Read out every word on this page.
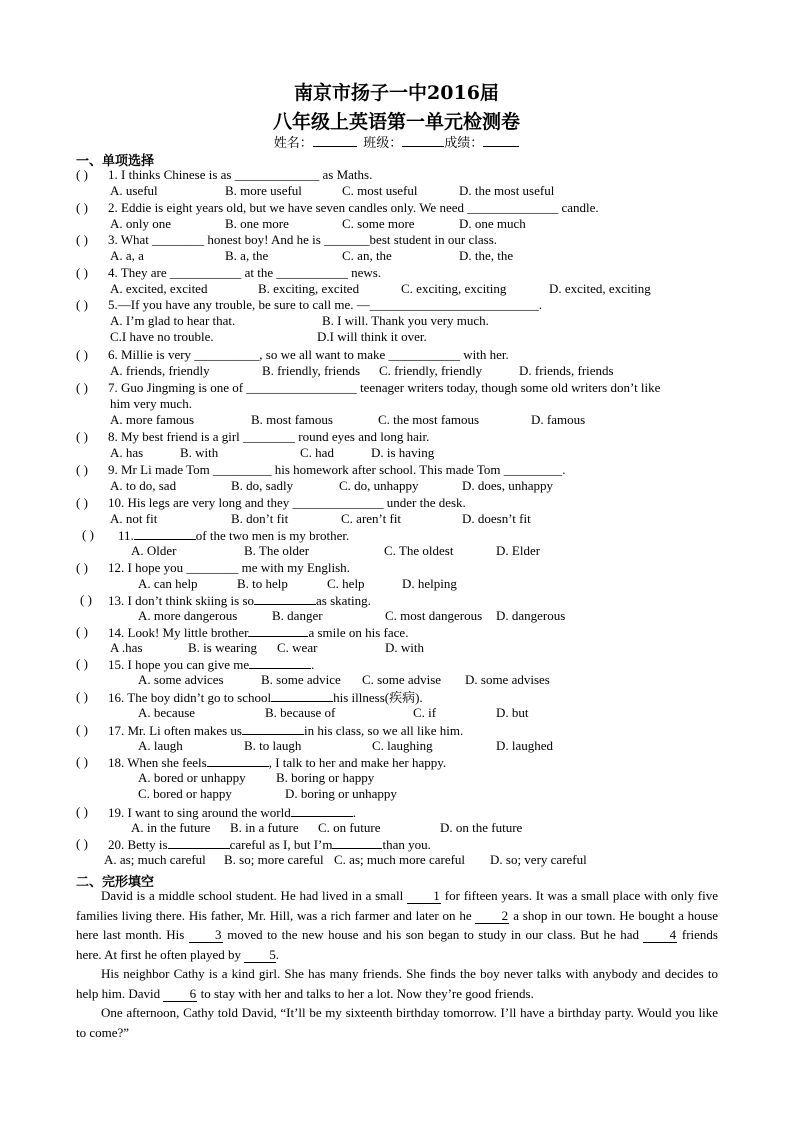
南京市扬子一中2016届
八年级上英语第一单元检测卷
姓名：	班级：	成绩：
一、单项选择
( ) 1. I thinks Chinese is as _____________ as Maths.
A. useful	B. more useful	C. most useful	D. the most useful
( ) 2. Eddie is eight years old, but we have seven candles only. We need ______________ candle.
A. only one	B. one more	C. some more	D. one much
( ) 3. What ________ honest boy! And he is _______best student in our class.
A. a, a	B. a, the	C. an, the	D. the, the
( ) 4. They are ___________ at the ___________ news.
A. excited, excited	B. exciting, excited	C. exciting, exciting	D. excited, exciting
( ) 5.—If you have any trouble, be sure to call me. —__________________________.
A. I’m glad to hear that.	B. I will. Thank you very much.
C.I have no trouble.	D.I will think it over.
( ) 6. Millie is very __________, so we all want to make ___________ with her.
A. friends, friendly	B. friendly, friends C. friendly, friendly	D. friends, friends
( ) 7. Guo Jingming is one of _________________ teenager writers today, though some old writers don’t like
him very much.
A. more famous	B. most famous	C. the most famous	D. famous
( ) 8. My best friend is a girl ________ round eyes and long hair.
A. has	B. with	C. had	D. is having
( ) 9. Mr Li made Tom _________ his homework after school. This made Tom _________.
A. to do, sad	B. do, sadly	C. do, unhappy	D. does, unhappy
( ) 10. His legs are very long and they ______________ under the desk.
A. not fit	B. don’t fit	C. aren’t fit	D. doesn’t fit
( ) 11.	of the two men is my brother.
A. Older	B. The older	C. The oldest	D. Elder
( ) 12. I hope you ________ me with my English.
A. can help	B. to help	C. help	D. helping
( ) 13. I don’t think skiing is so	as skating.
A. more dangerous	B. danger	C. most dangerous D. dangerous
( ) 14. Look! My little brother	a smile on his face.
A .has	B. is wearing C. wear	D. with
( ) 15. I hope you can give me	.
A. some advices	B. some advice C. some advise D. some advises
( ) 16. The boy didn’t go to school	his illness(疾病).
A. because	B. because of	C. if	D. but
( ) 17. Mr. Li often makes us	in his class, so we all like him.
A. laugh	B. to laugh	C. laughing	D. laughed
( ) 18. When she feels	, I talk to her and make her happy.
A. bored or unhappy B. boring or happy
C. bored or happy	D. boring or unhappy
( ) 19. I want to sing around the world	.
A. in the future B. in a future C. on future	D. on the future
( ) 20. Betty is	careful as I, but I’m	than you.
A. as; much careful B. so; more careful C. as; much more careful D. so; very careful
二、完形填空
David is a middle school student. He had lived in a small 1 for fifteen years. It was a small place with only five families living there. His father, Mr. Hill, was a rich farmer and later on he 2 a shop in our town. He bought a house here last month. His 3 moved to the new house and his son began to study in our class. But he had 4 friends here. At first he often played by 5.
His neighbor Cathy is a kind girl. She has many friends. She finds the boy never talks with anybody and decides to help him. David 6 to stay with her and talks to her a lot. Now they’re good friends.
One afternoon, Cathy told David, “It’ll be my sixteenth birthday tomorrow. I’ll have a birthday party. Would you like to come?”
